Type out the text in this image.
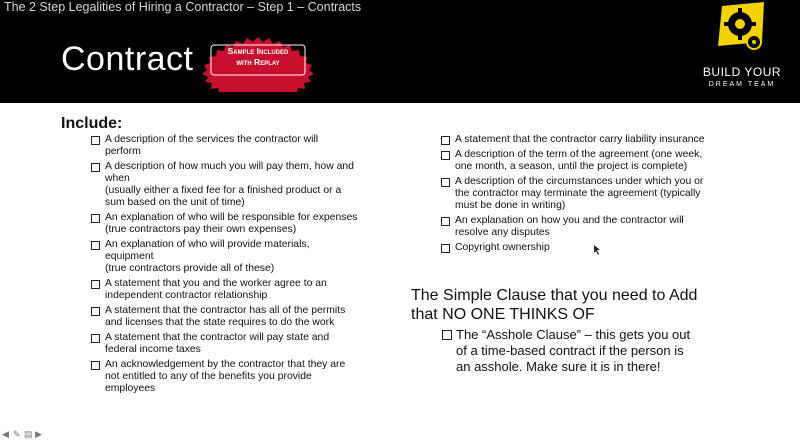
The 2 Step Legalities of Hiring a Contractor – Step 1 – Contracts
Contract	Sample Included
with Replay
BUILD YOUR
DREAM TEAM
Include:
A description of the services the contractor will
perform
A description of how much you will pay them, how and
when
(usually either a fixed fee for a finished product or a
sum based on the unit of time)
An explanation of who will be responsible for expenses
(true contractors pay their own expenses)
An explanation of who will provide materials,
equipment
(true contractors provide all of these)
A statement that you and the worker agree to an
independent contractor relationship
A statement that the contractor has all of the permits
and licenses that the state requires to do the work
A statement that the contractor will pay state and
federal income taxes
An acknowledgement by the contractor that they are
not entitled to any of the benefits you provide
employees
A statement that the contractor carry liability insurance
A description of the term of the agreement (one week,
one month, a season, until the project is complete)
A description of the circumstances under which you or
the contractor may terminate the agreement (typically
must be done in writing)
An explanation on how you and the contractor will
resolve any disputes
Copyright ownership
The Simple Clause that you need to Add
that NO ONE THINKS OF
The “Asshole Clause” – this gets you out
of a time-based contract if the person is
an asshole. Make sure it is in there!
◀ ✎ ▤ ▶
